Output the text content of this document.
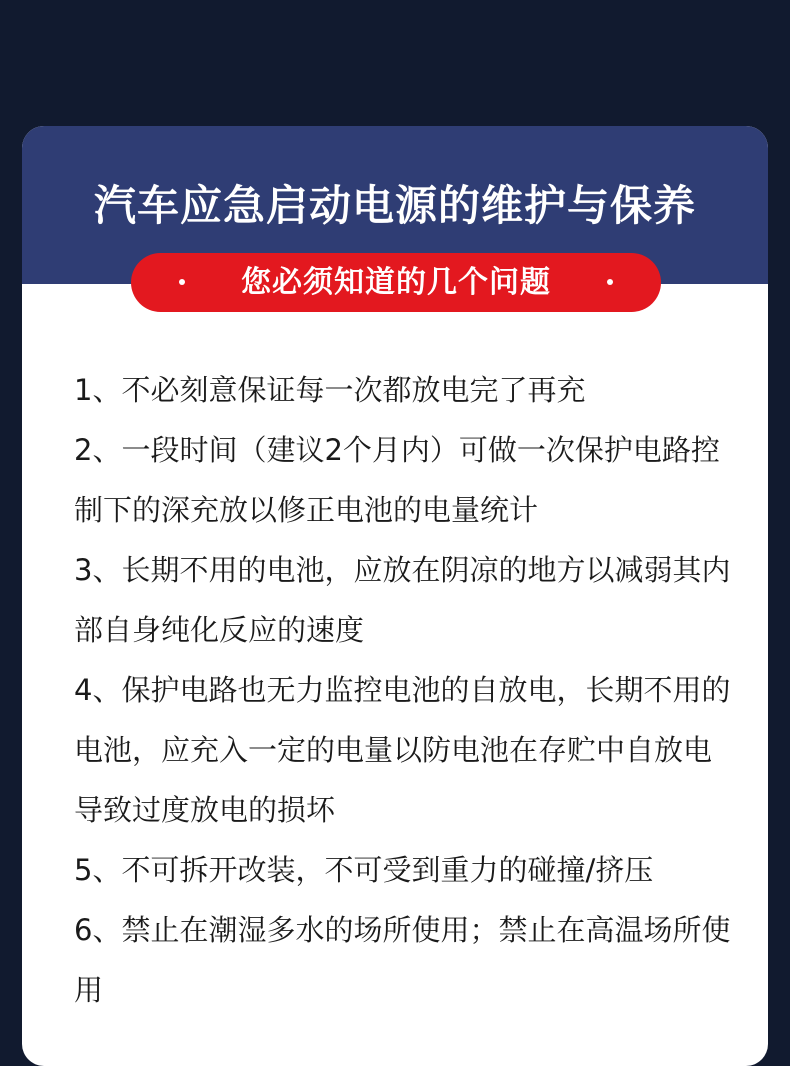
汽车应急启动电源的维护与保养
您必须知道的几个问题

1、不必刻意保证每一次都放电完了再充

2、一段时间（建议2个月内）可做一次保护电路控制下的深充放以修正电池的电量统计

3、长期不用的电池，应放在阴凉的地方以减弱其内部自身纯化反应的速度

4、保护电路也无力监控电池的自放电，长期不用的电池，应充入一定的电量以防电池在存贮中自放电导致过度放电的损坏

5、不可拆开改装，不可受到重力的碰撞/挤压

6、禁止在潮湿多水的场所使用；禁止在高温场所使用
